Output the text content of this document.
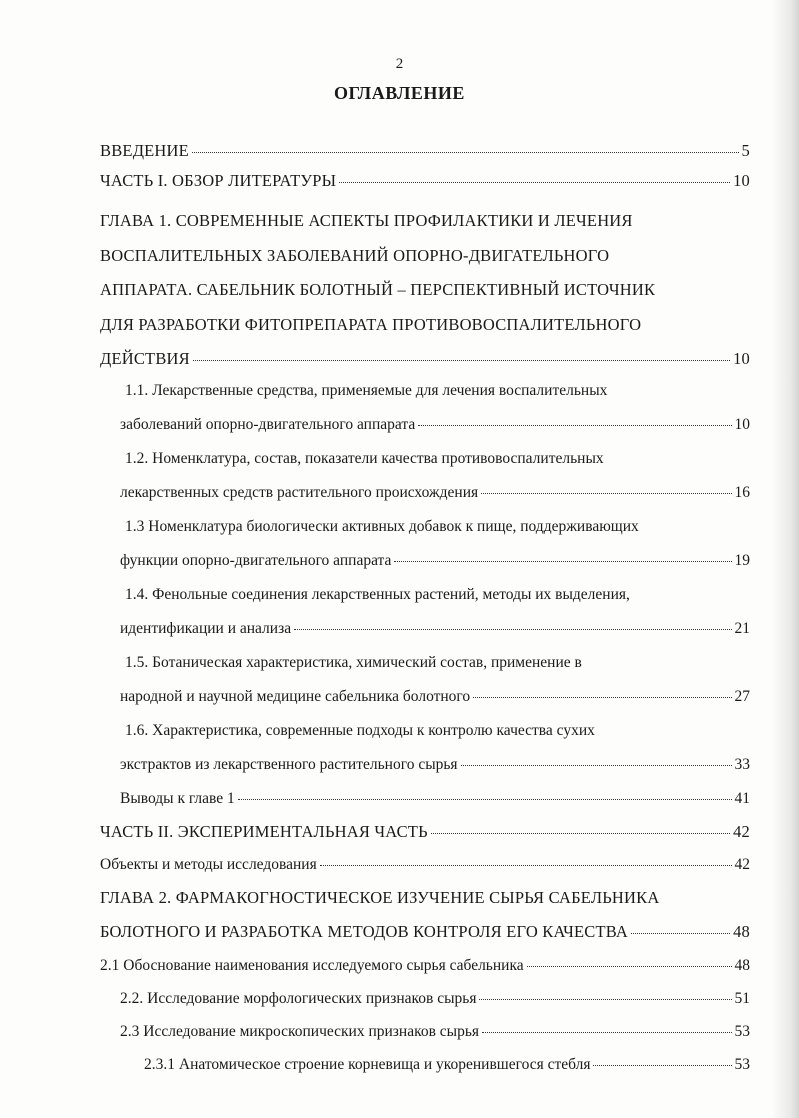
2
ОГЛАВЛЕНИЕ
ВВЕДЕНИЕ	5
ЧАСТЬ I. ОБЗОР ЛИТЕРАТУРЫ	10
ГЛАВА 1. СОВРЕМЕННЫЕ АСПЕКТЫ ПРОФИЛАКТИКИ И ЛЕЧЕНИЯ
ВОСПАЛИТЕЛЬНЫХ ЗАБОЛЕВАНИЙ ОПОРНО-ДВИГАТЕЛЬНОГО
АППАРАТА. САБЕЛЬНИК БОЛОТНЫЙ – ПЕРСПЕКТИВНЫЙ ИСТОЧНИК
ДЛЯ РАЗРАБОТКИ ФИТОПРЕПАРАТА ПРОТИВОВОСПАЛИТЕЛЬНОГО
ДЕЙСТВИЯ	10
1.1. Лекарственные средства, применяемые для лечения воспалительных
заболеваний опорно-двигательного аппарата	10
1.2. Номенклатура, состав, показатели качества противовоспалительных
лекарственных средств растительного происхождения	16
1.3 Номенклатура биологически активных добавок к пище, поддерживающих
функции опорно-двигательного аппарата	19
1.4. Фенольные соединения лекарственных растений, методы их выделения,
идентификации и анализа	21
1.5. Ботаническая характеристика, химический состав, применение в
народной и научной медицине сабельника болотного	27
1.6. Характеристика, современные подходы к контролю качества сухих
экстрактов из лекарственного растительного сырья	33
Выводы к главе 1	41
ЧАСТЬ II. ЭКСПЕРИМЕНТАЛЬНАЯ ЧАСТЬ	42
Объекты и методы исследования	42
ГЛАВА 2. ФАРМАКОГНОСТИЧЕСКОЕ ИЗУЧЕНИЕ СЫРЬЯ САБЕЛЬНИКА
БОЛОТНОГО И РАЗРАБОТКА МЕТОДОВ КОНТРОЛЯ ЕГО КАЧЕСТВА	48
2.1 Обоснование наименования исследуемого сырья сабельника	48
2.2. Исследование морфологических признаков сырья	51
2.3 Исследование микроскопических признаков сырья	53
2.3.1 Анатомическое строение корневища и укоренившегося стебля	53
